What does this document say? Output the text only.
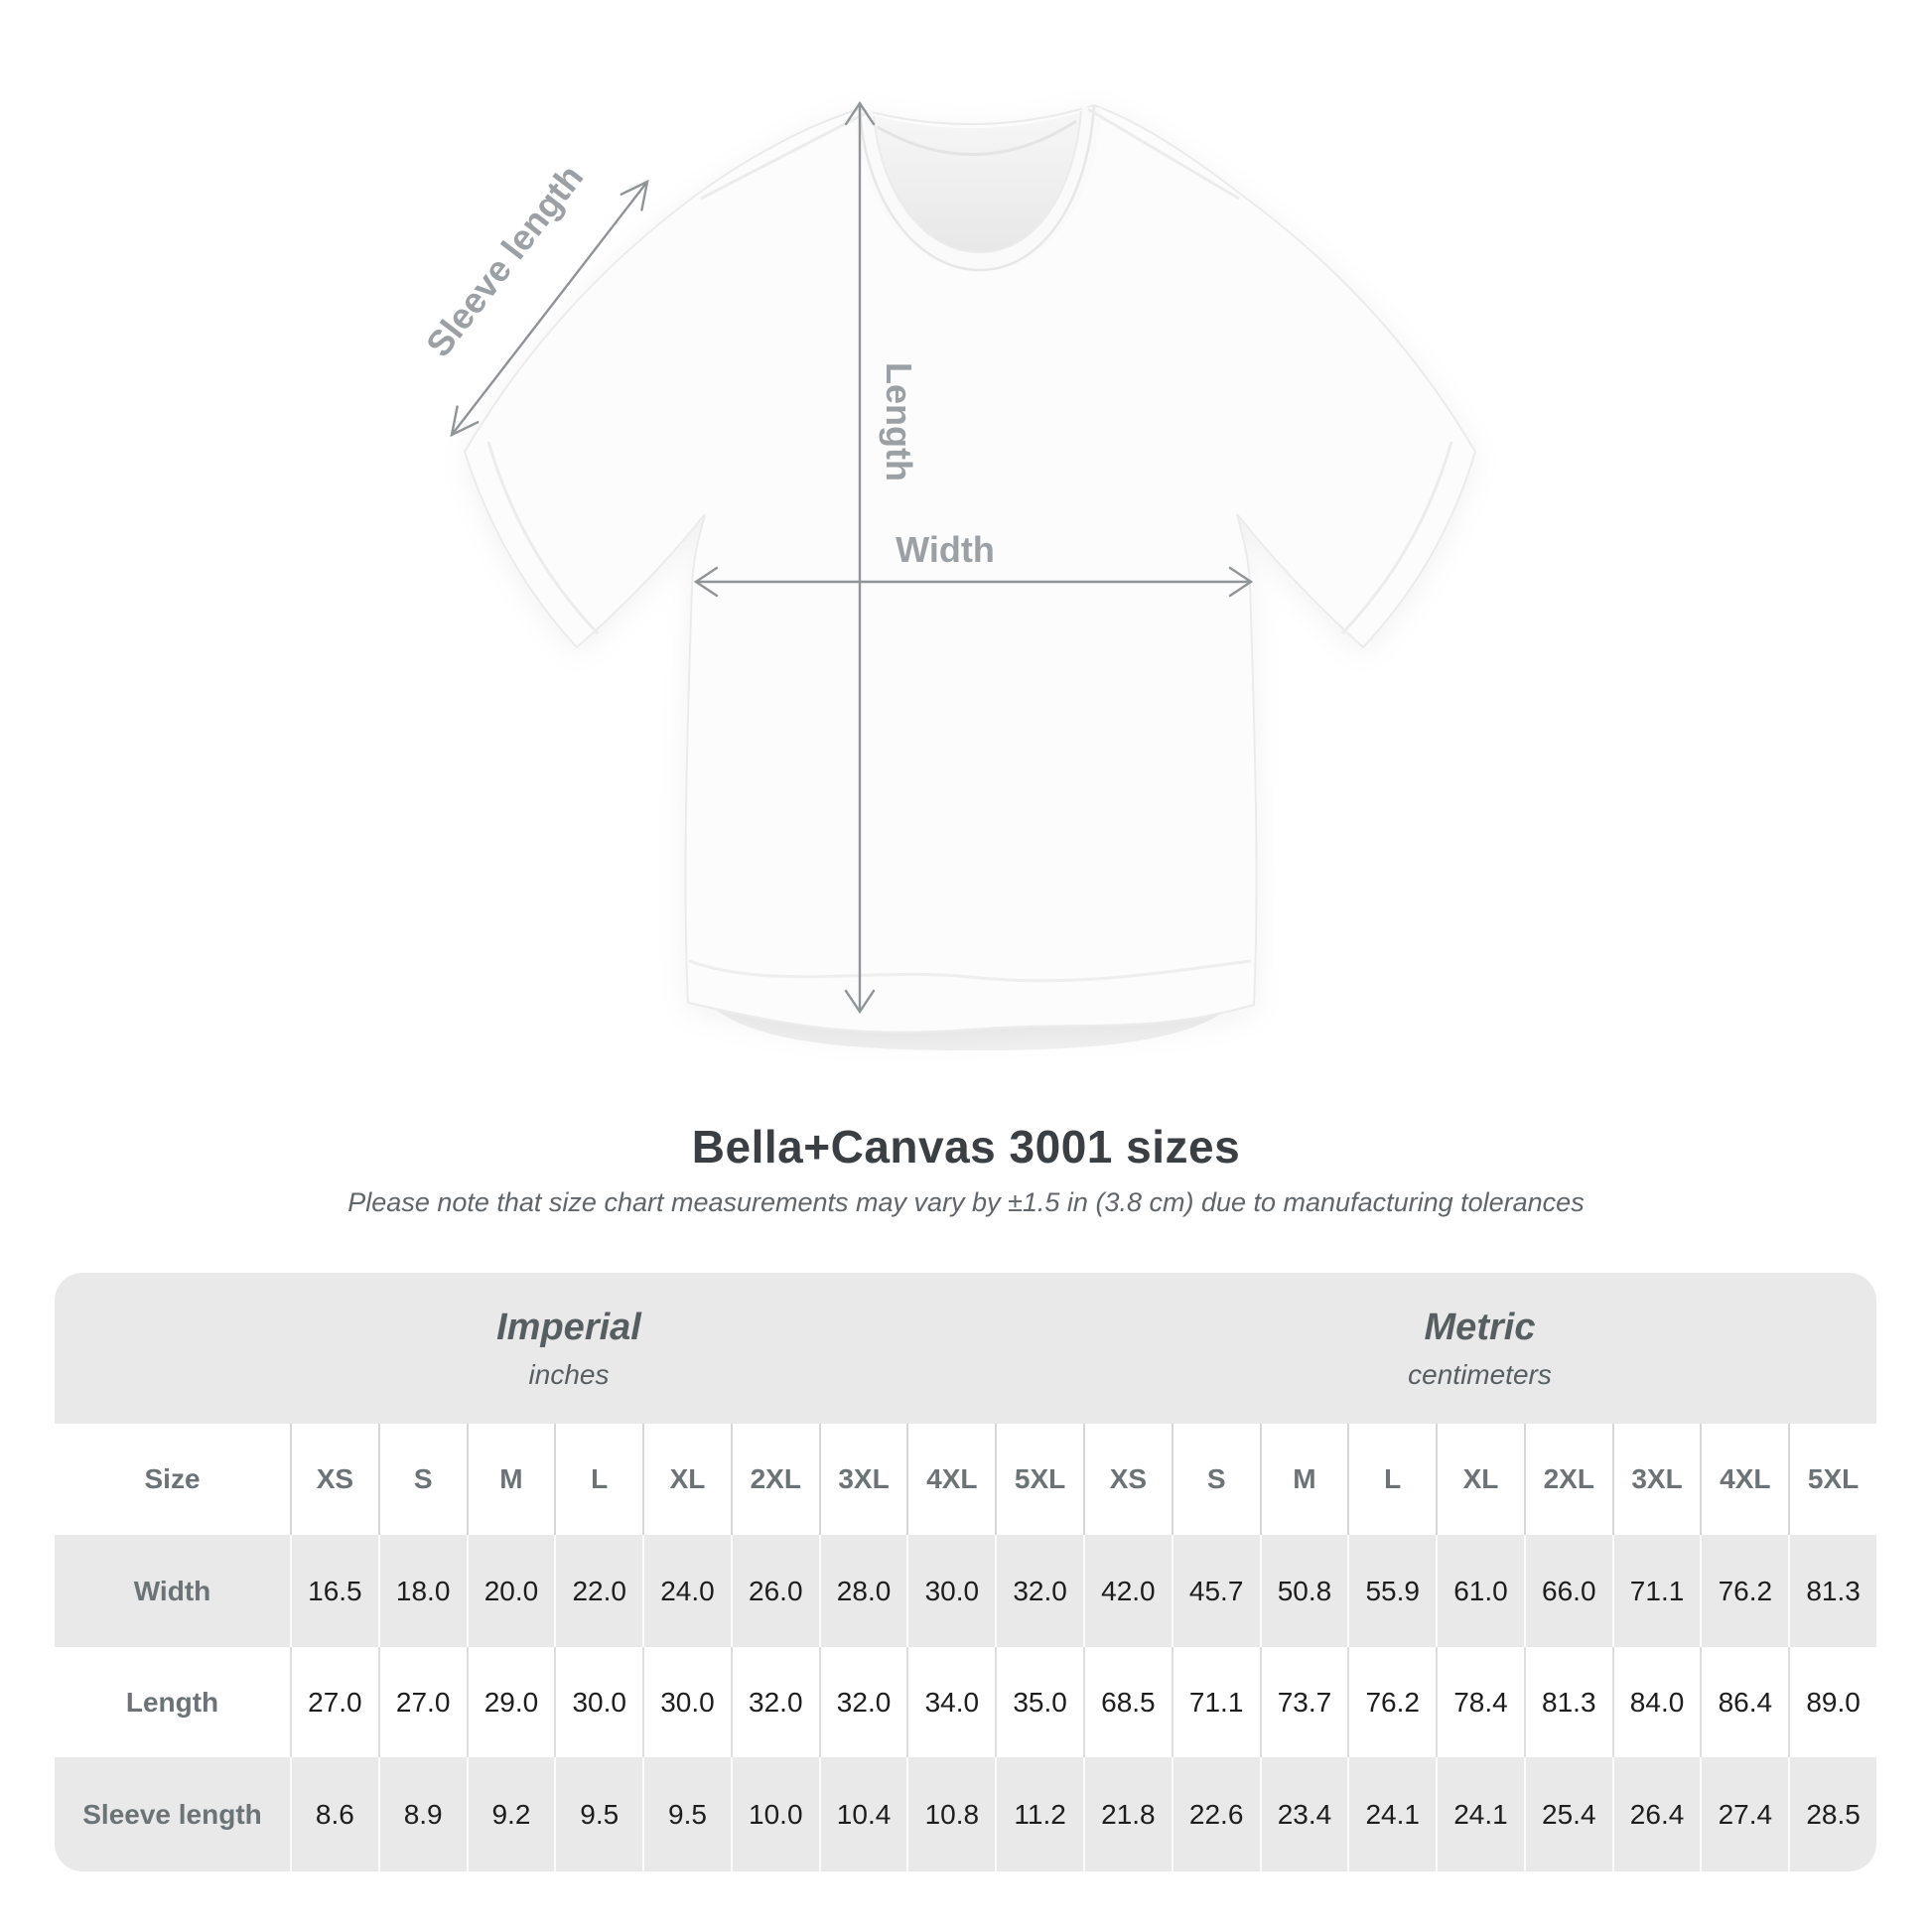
Sleeve length
Length
Width
Bella+Canvas 3001 sizes

Please note that size chart measurements may vary by ±1.5 in (3.8 cm) due to manufacturing tolerances

Imperial
inches
Metric
centimeters
Size	XS	S	M	L	XL	2XL	3XL	4XL	5XL	XS	S	M	L	XL	2XL	3XL	4XL	5XL
Width	16.5	18.0	20.0	22.0	24.0	26.0	28.0	30.0	32.0	42.0	45.7	50.8	55.9	61.0	66.0	71.1	76.2	81.3
Length	27.0	27.0	29.0	30.0	30.0	32.0	32.0	34.0	35.0	68.5	71.1	73.7	76.2	78.4	81.3	84.0	86.4	89.0
Sleeve length	8.6	8.9	9.2	9.5	9.5	10.0	10.4	10.8	11.2	21.8	22.6	23.4	24.1	24.1	25.4	26.4	27.4	28.5
